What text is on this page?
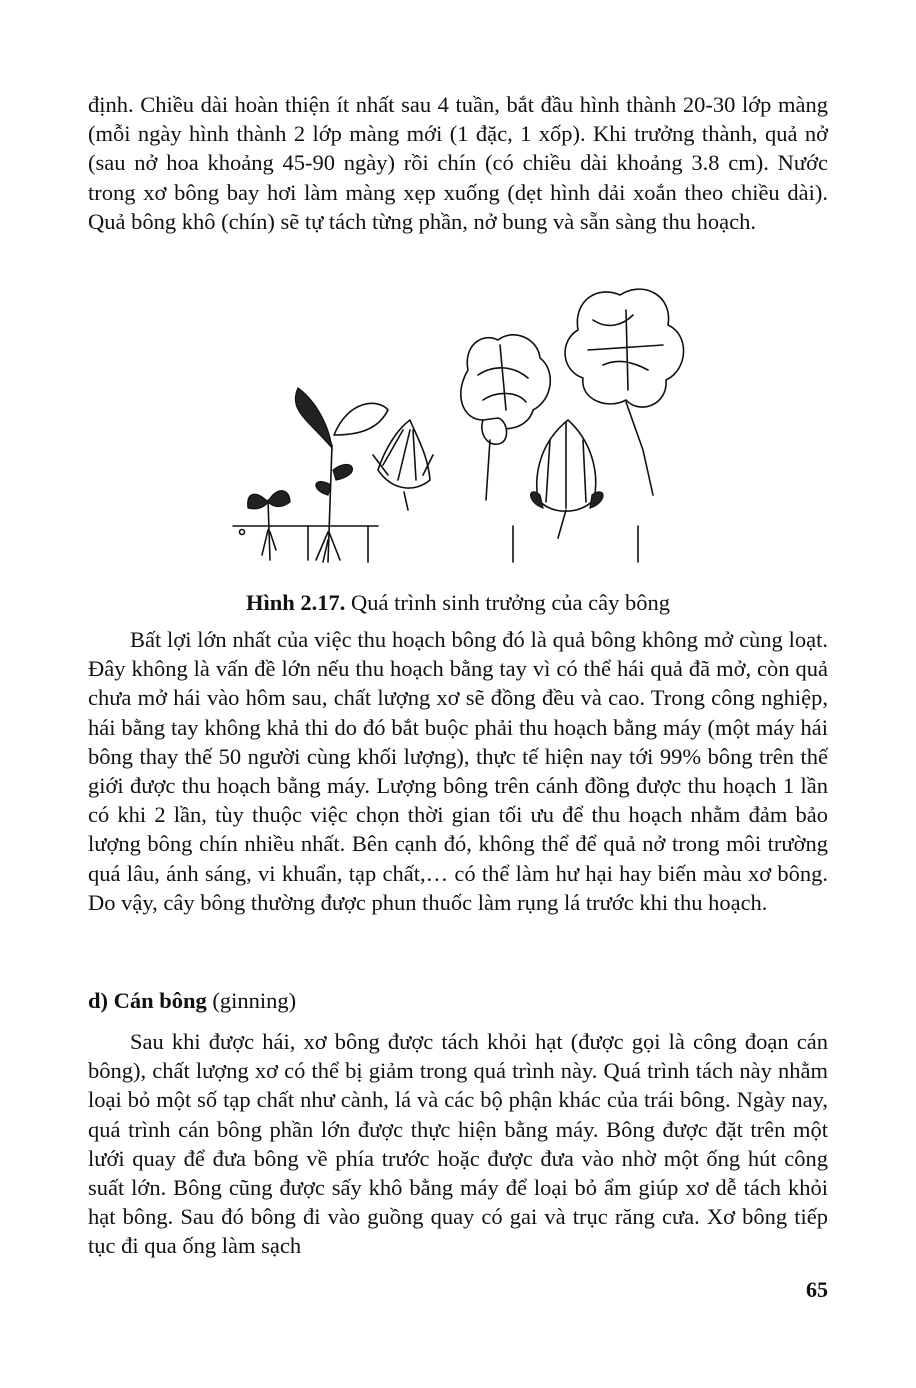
định. Chiều dài hoàn thiện ít nhất sau 4 tuần, bắt đầu hình thành 20-30 lớp màng (mỗi ngày hình thành 2 lớp màng mới (1 đặc, 1 xốp). Khi trưởng thành, quả nở (sau nở hoa khoảng 45-90 ngày) rồi chín (có chiều dài khoảng 3.8 cm). Nước trong xơ bông bay hơi làm màng xẹp xuống (dẹt hình dải xoắn theo chiều dài). Quả bông khô (chín) sẽ tự tách từng phần, nở bung và sẵn sàng thu hoạch.

Hình 2.17. Quá trình sinh trưởng của cây bông

Bất lợi lớn nhất của việc thu hoạch bông đó là quả bông không mở cùng loạt. Đây không là vấn đề lớn nếu thu hoạch bằng tay vì có thể hái quả đã mở, còn quả chưa mở hái vào hôm sau, chất lượng xơ sẽ đồng đều và cao. Trong công nghiệp, hái bằng tay không khả thi do đó bắt buộc phải thu hoạch bằng máy (một máy hái bông thay thế 50 người cùng khối lượng), thực tế hiện nay tới 99% bông trên thế giới được thu hoạch bằng máy. Lượng bông trên cánh đồng được thu hoạch 1 lần có khi 2 lần, tùy thuộc việc chọn thời gian tối ưu để thu hoạch nhằm đảm bảo lượng bông chín nhiều nhất. Bên cạnh đó, không thể để quả nở trong môi trường quá lâu, ánh sáng, vi khuẩn, tạp chất,… có thể làm hư hại hay biến màu xơ bông. Do vậy, cây bông thường được phun thuốc làm rụng lá trước khi thu hoạch.

d) Cán bông (ginning)

Sau khi được hái, xơ bông được tách khỏi hạt (được gọi là công đoạn cán bông), chất lượng xơ có thể bị giảm trong quá trình này. Quá trình tách này nhằm loại bỏ một số tạp chất như cành, lá và các bộ phận khác của trái bông. Ngày nay, quá trình cán bông phần lớn được thực hiện bằng máy. Bông được đặt trên một lưới quay để đưa bông về phía trước hoặc được đưa vào nhờ một ống hút công suất lớn. Bông cũng được sấy khô bằng máy để loại bỏ ẩm giúp xơ dễ tách khỏi hạt bông. Sau đó bông đi vào guồng quay có gai và trục răng cưa. Xơ bông tiếp tục đi qua ống làm sạch

65
